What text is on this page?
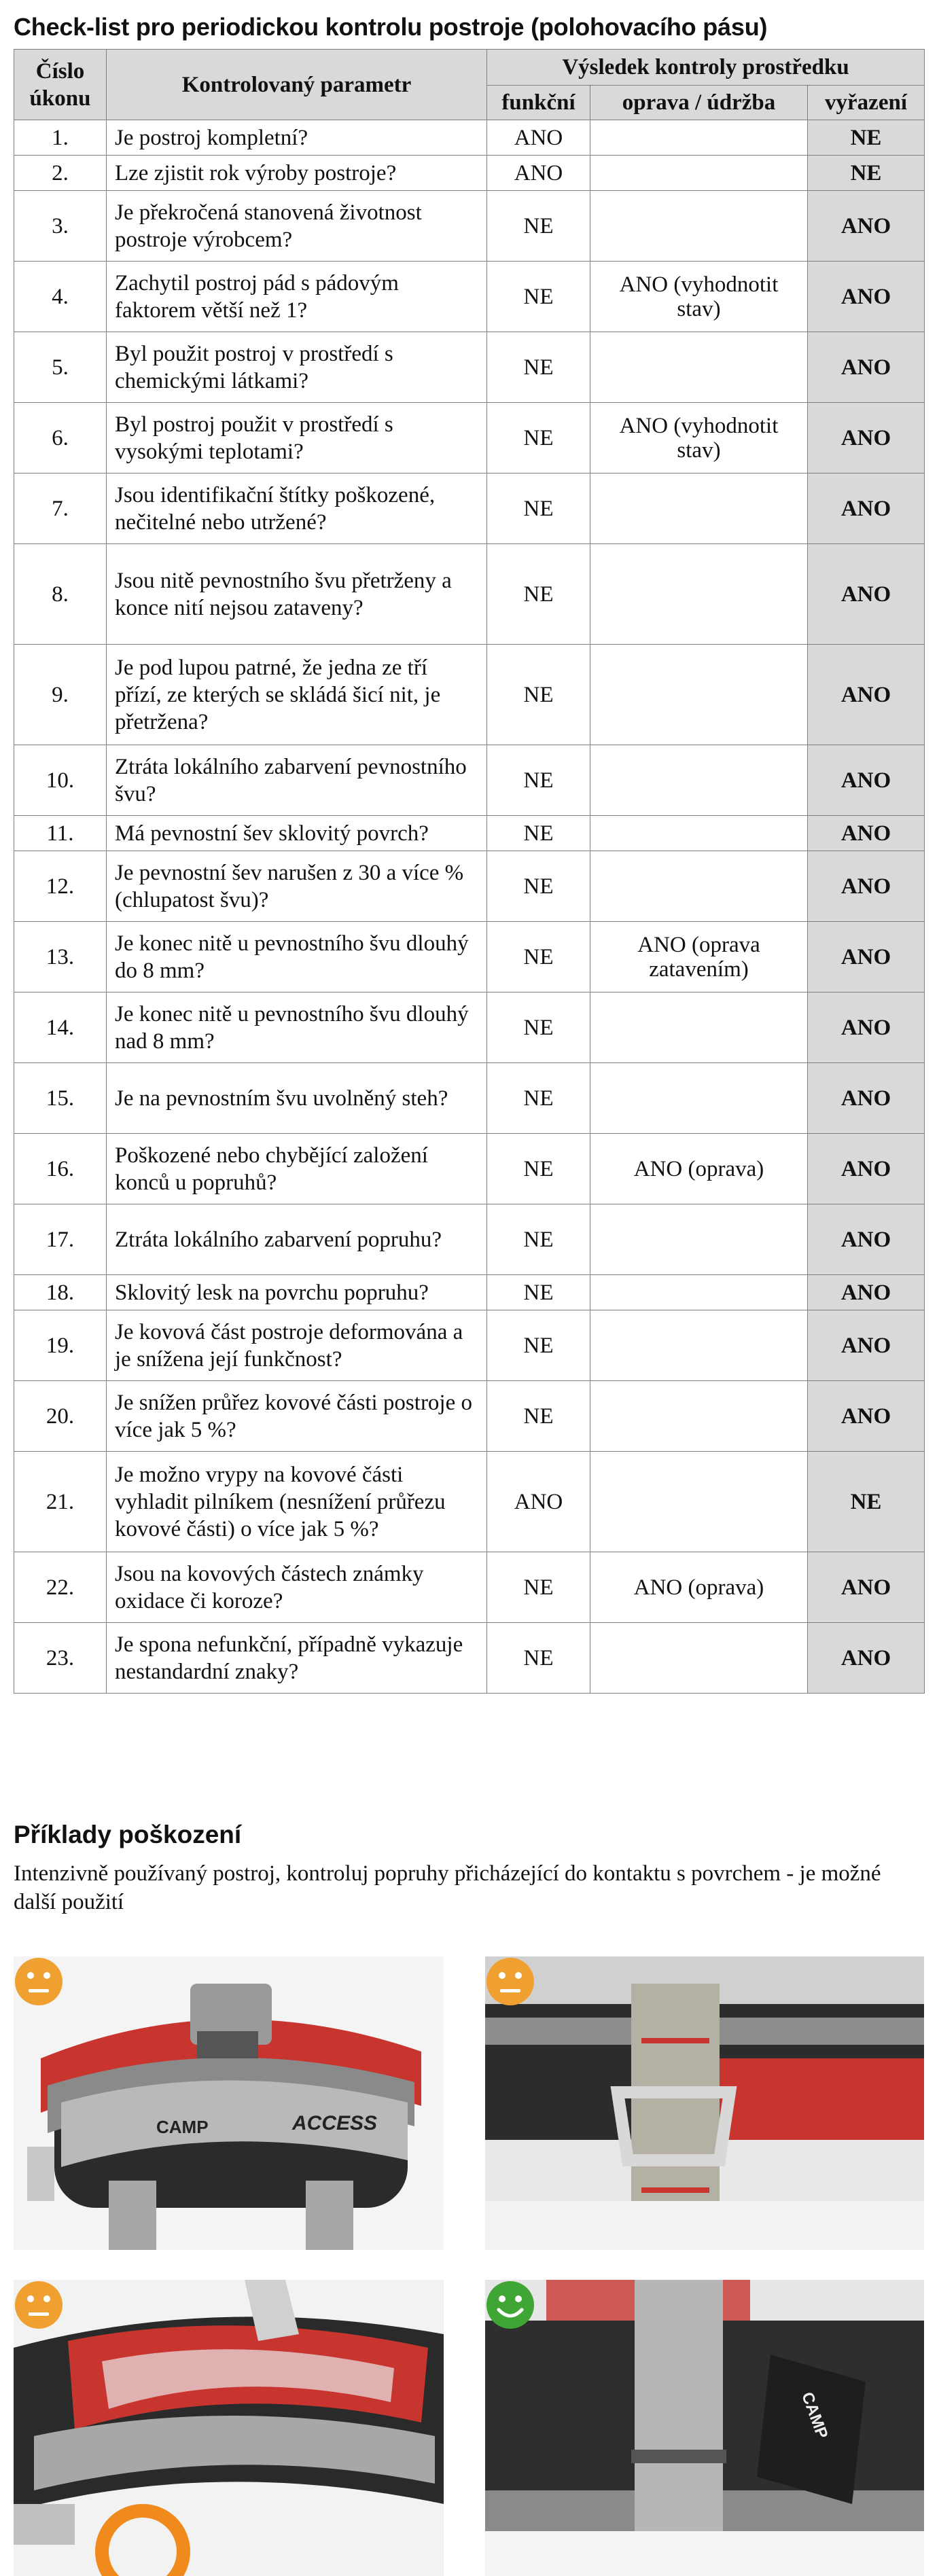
Check-list pro periodickou kontrolu postroje (polohovacího pásu)
Číslo úkonu	Kontrolovaný parametr	Výsledek kontroly prostředku		
		funkční	oprava / údržba	vyřazení
1.	Je postroj kompletní?	ANO		NE
2.	Lze zjistit rok výroby postroje?	ANO		NE
3.	Je překročená stanovená životnost postroje výrobcem?	NE		ANO
4.	Zachytil postroj pád s pádovým faktorem větší než 1?	NE	ANO (vyhodnotit stav)	ANO
5.	Byl použit postroj v prostředí s chemickými látkami?	NE		ANO
6.	Byl postroj použit v prostředí s vysokými teplotami?	NE	ANO (vyhodnotit stav)	ANO
7.	Jsou identifikační štítky poškozené, nečitelné nebo utržené?	NE		ANO
8.	Jsou nitě pevnostního švu přetrženy a konce nití nejsou zataveny?	NE		ANO
9.	Je pod lupou patrné, že jedna ze tří přízí, ze kterých se skládá šicí nit, je přetržena?	NE		ANO
10.	Ztráta lokálního zabarvení pevnostního švu?	NE		ANO
11.	Má pevnostní šev sklovitý povrch?	NE		ANO
12.	Je pevnostní šev narušen z 30 a více % (chlupatost švu)?	NE		ANO
13.	Je konec nitě u pevnostního švu dlouhý do 8 mm?	NE	ANO (oprava zatavením)	ANO
14.	Je konec nitě u pevnostního švu dlouhý nad 8 mm?	NE		ANO
15.	Je na pevnostním švu uvolněný steh?	NE		ANO
16.	Poškozené nebo chybějící založení konců u popruhů?	NE	ANO (oprava)	ANO
17.	Ztráta lokálního zabarvení popruhu?	NE		ANO
18.	Sklovitý lesk na povrchu popruhu?	NE		ANO
19.	Je kovová část postroje deformována a je snížena její funkčnost?	NE		ANO
20.	Je snížen průřez kovové části postroje o více jak 5 %?	NE		ANO
21.	Je možno vrypy na kovové části vyhladit pilníkem (nesnížení průřezu kovové části) o více jak 5 %?	ANO		NE
22.	Jsou na kovových částech známky oxidace či koroze?	NE	ANO (oprava)	ANO
23.	Je spona nefunkční, případně vykazuje nestandardní znaky?	NE		ANO
Příklady poškození

Intenzivně používaný postroj, kontroluj popruhy přicházející do kontaktu s povrchem - je možné další použití

CAMP	ACCESS
CAMP
